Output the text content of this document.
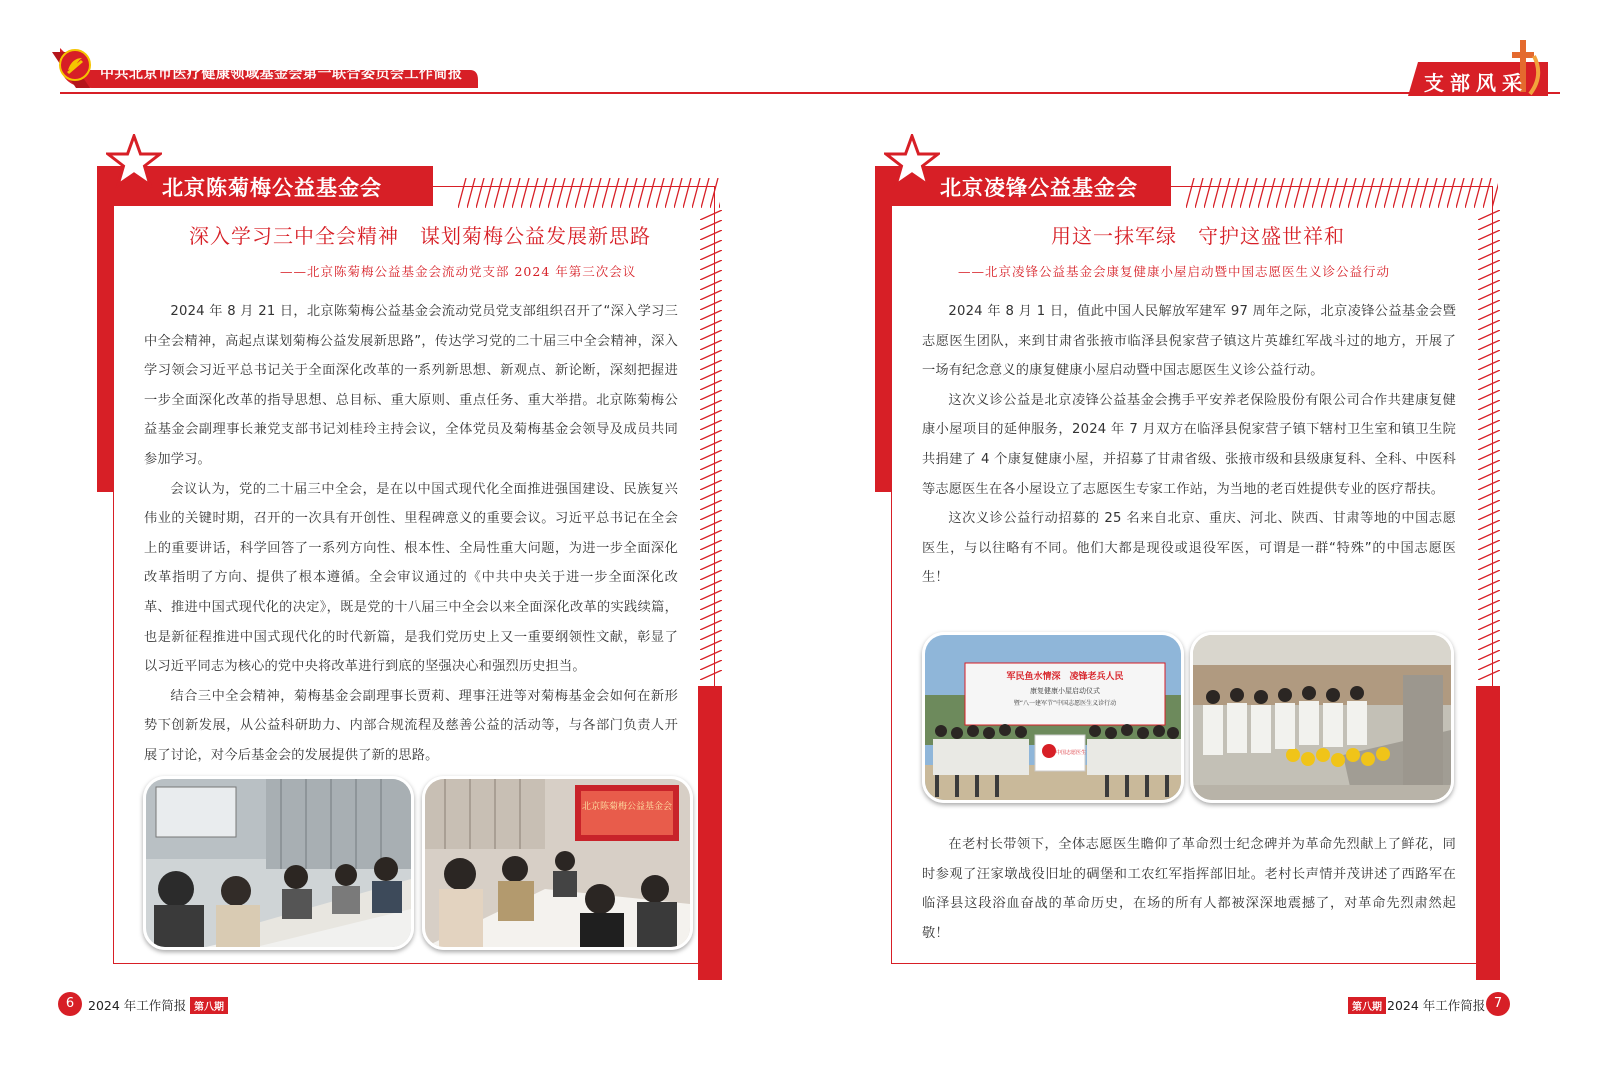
中共北京市医疗健康领域基金会第一联合委员会工作简报	支部风采
北京陈菊梅公益基金会
深入学习三中全会精神　谋划菊梅公益发展新思路
——北京陈菊梅公益基金会流动党支部 2024 年第三次会议

2024 年 8 月 21 日，北京陈菊梅公益基金会流动党员党支部组织召开了“深入学习三中全会精神，高起点谋划菊梅公益发展新思路”，传达学习党的二十届三中全会精神，深入学习领会习近平总书记关于全面深化改革的一系列新思想、新观点、新论断，深刻把握进一步全面深化改革的指导思想、总目标、重大原则、重点任务、重大举措。北京陈菊梅公益基金会副理事长兼党支部书记刘桂玲主持会议，全体党员及菊梅基金会领导及成员共同参加学习。

会议认为，党的二十届三中全会，是在以中国式现代化全面推进强国建设、民族复兴伟业的关键时期，召开的一次具有开创性、里程碑意义的重要会议。习近平总书记在全会上的重要讲话，科学回答了一系列方向性、根本性、全局性重大问题，为进一步全面深化改革指明了方向、提供了根本遵循。全会审议通过的《中共中央关于进一步全面深化改革、推进中国式现代化的决定》，既是党的十八届三中全会以来全面深化改革的实践续篇，也是新征程推进中国式现代化的时代新篇，是我们党历史上又一重要纲领性文献，彰显了以习近平同志为核心的党中央将改革进行到底的坚强决心和强烈历史担当。

结合三中全会精神，菊梅基金会副理事长贾莉、理事汪进等对菊梅基金会如何在新形势下创新发展，从公益科研助力、内部合规流程及慈善公益的活动等，与各部门负责人开展了讨论，对今后基金会的发展提供了新的思路。

北京陈菊梅公益基金会
北京凌锋公益基金会
用这一抹军绿　守护这盛世祥和
——北京凌锋公益基金会康复健康小屋启动暨中国志愿医生义诊公益行动

2024 年 8 月 1 日，值此中国人民解放军建军 97 周年之际，北京凌锋公益基金会暨志愿医生团队，来到甘肃省张掖市临泽县倪家营子镇这片英雄红军战斗过的地方，开展了一场有纪念意义的康复健康小屋启动暨中国志愿医生义诊公益行动。

这次义诊公益是北京凌锋公益基金会携手平安养老保险股份有限公司合作共建康复健康小屋项目的延伸服务，2024 年 7 月双方在临泽县倪家营子镇下辖村卫生室和镇卫生院共捐建了 4 个康复健康小屋，并招募了甘肃省级、张掖市级和县级康复科、全科、中医科等志愿医生在各小屋设立了志愿医生专家工作站，为当地的老百姓提供专业的医疗帮扶。

这次义诊公益行动招募的 25 名来自北京、重庆、河北、陕西、甘肃等地的中国志愿医生，与以往略有不同。他们大都是现役或退役军医，可谓是一群“特殊”的中国志愿医生！

军民鱼水情深　凌锋老兵人民
康复健康小屋启动仪式
暨“八一建军节”中国志愿医生义诊行动
中国志愿医生

在老村长带领下，全体志愿医生瞻仰了革命烈士纪念碑并为革命先烈献上了鲜花，同时参观了汪家墩战役旧址的碉堡和工农红军指挥部旧址。老村长声情并茂讲述了西路军在临泽县这段浴血奋战的革命历史，在场的所有人都被深深地震撼了，对革命先烈肃然起敬！

6	2024 年工作简报 第八期	第八期 2024 年工作简报 7
